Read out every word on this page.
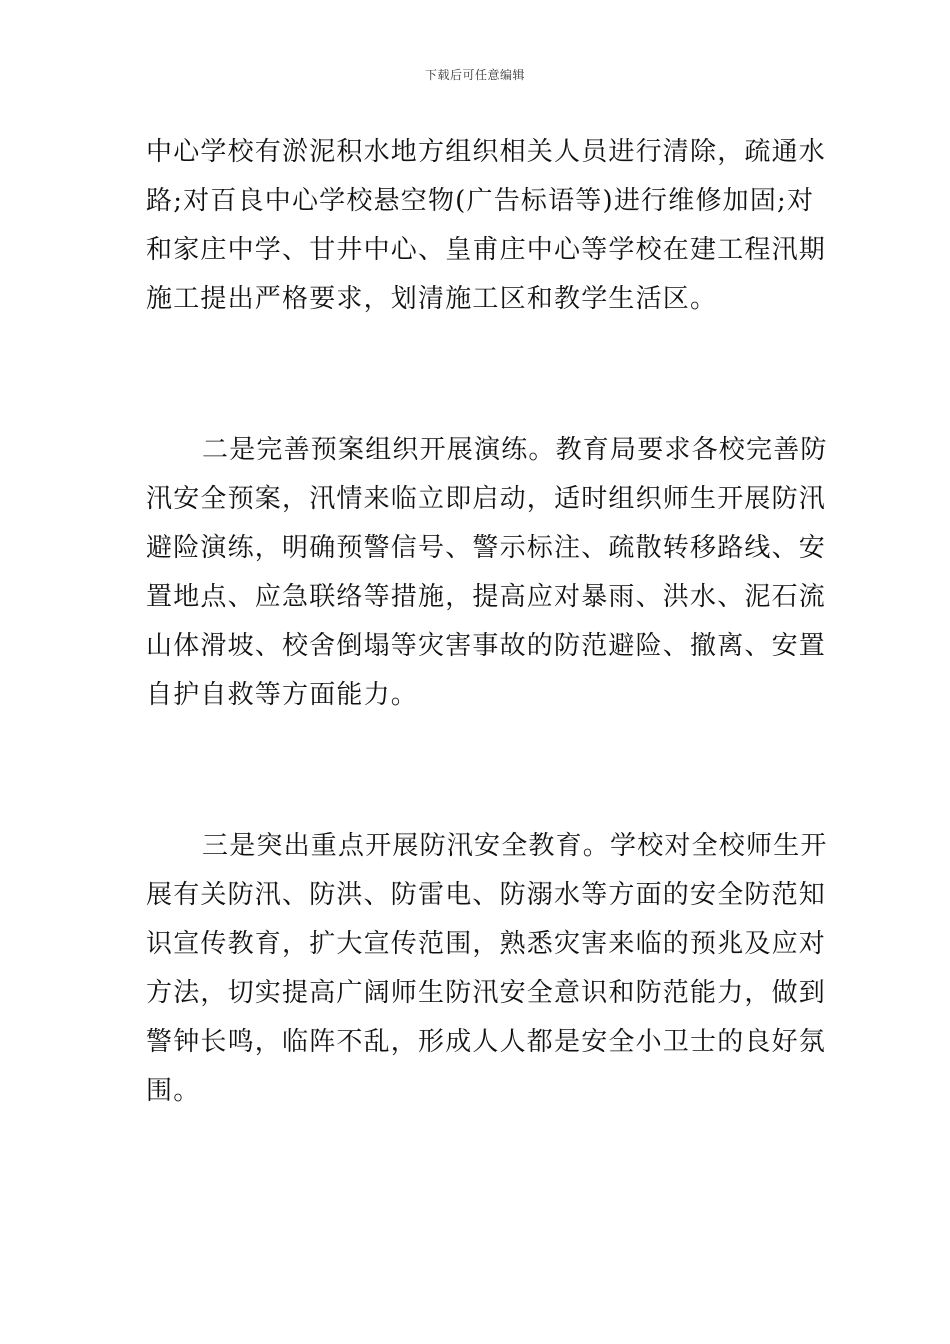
下载后可任意编辑

中心学校有淤泥积水地方组织相关人员进行清除，疏通水
路;对百良中心学校悬空物(广告标语等)进行维修加固;对
和家庄中学、甘井中心、皇甫庄中心等学校在建工程汛期
施工提出严格要求，划清施工区和教学生活区。

二是完善预案组织开展演练。教育局要求各校完善防
汛安全预案，汛情来临立即启动，适时组织师生开展防汛
避险演练，明确预警信号、警示标注、疏散转移路线、安
置地点、应急联络等措施，提高应对暴雨、洪水、泥石流
山体滑坡、校舍倒塌等灾害事故的防范避险、撤离、安置
自护自救等方面能力。

三是突出重点开展防汛安全教育。学校对全校师生开
展有关防汛、防洪、防雷电、防溺水等方面的安全防范知
识宣传教育，扩大宣传范围，熟悉灾害来临的预兆及应对
方法，切实提高广阔师生防汛安全意识和防范能力，做到
警钟长鸣，临阵不乱，形成人人都是安全小卫士的良好氛
围。
